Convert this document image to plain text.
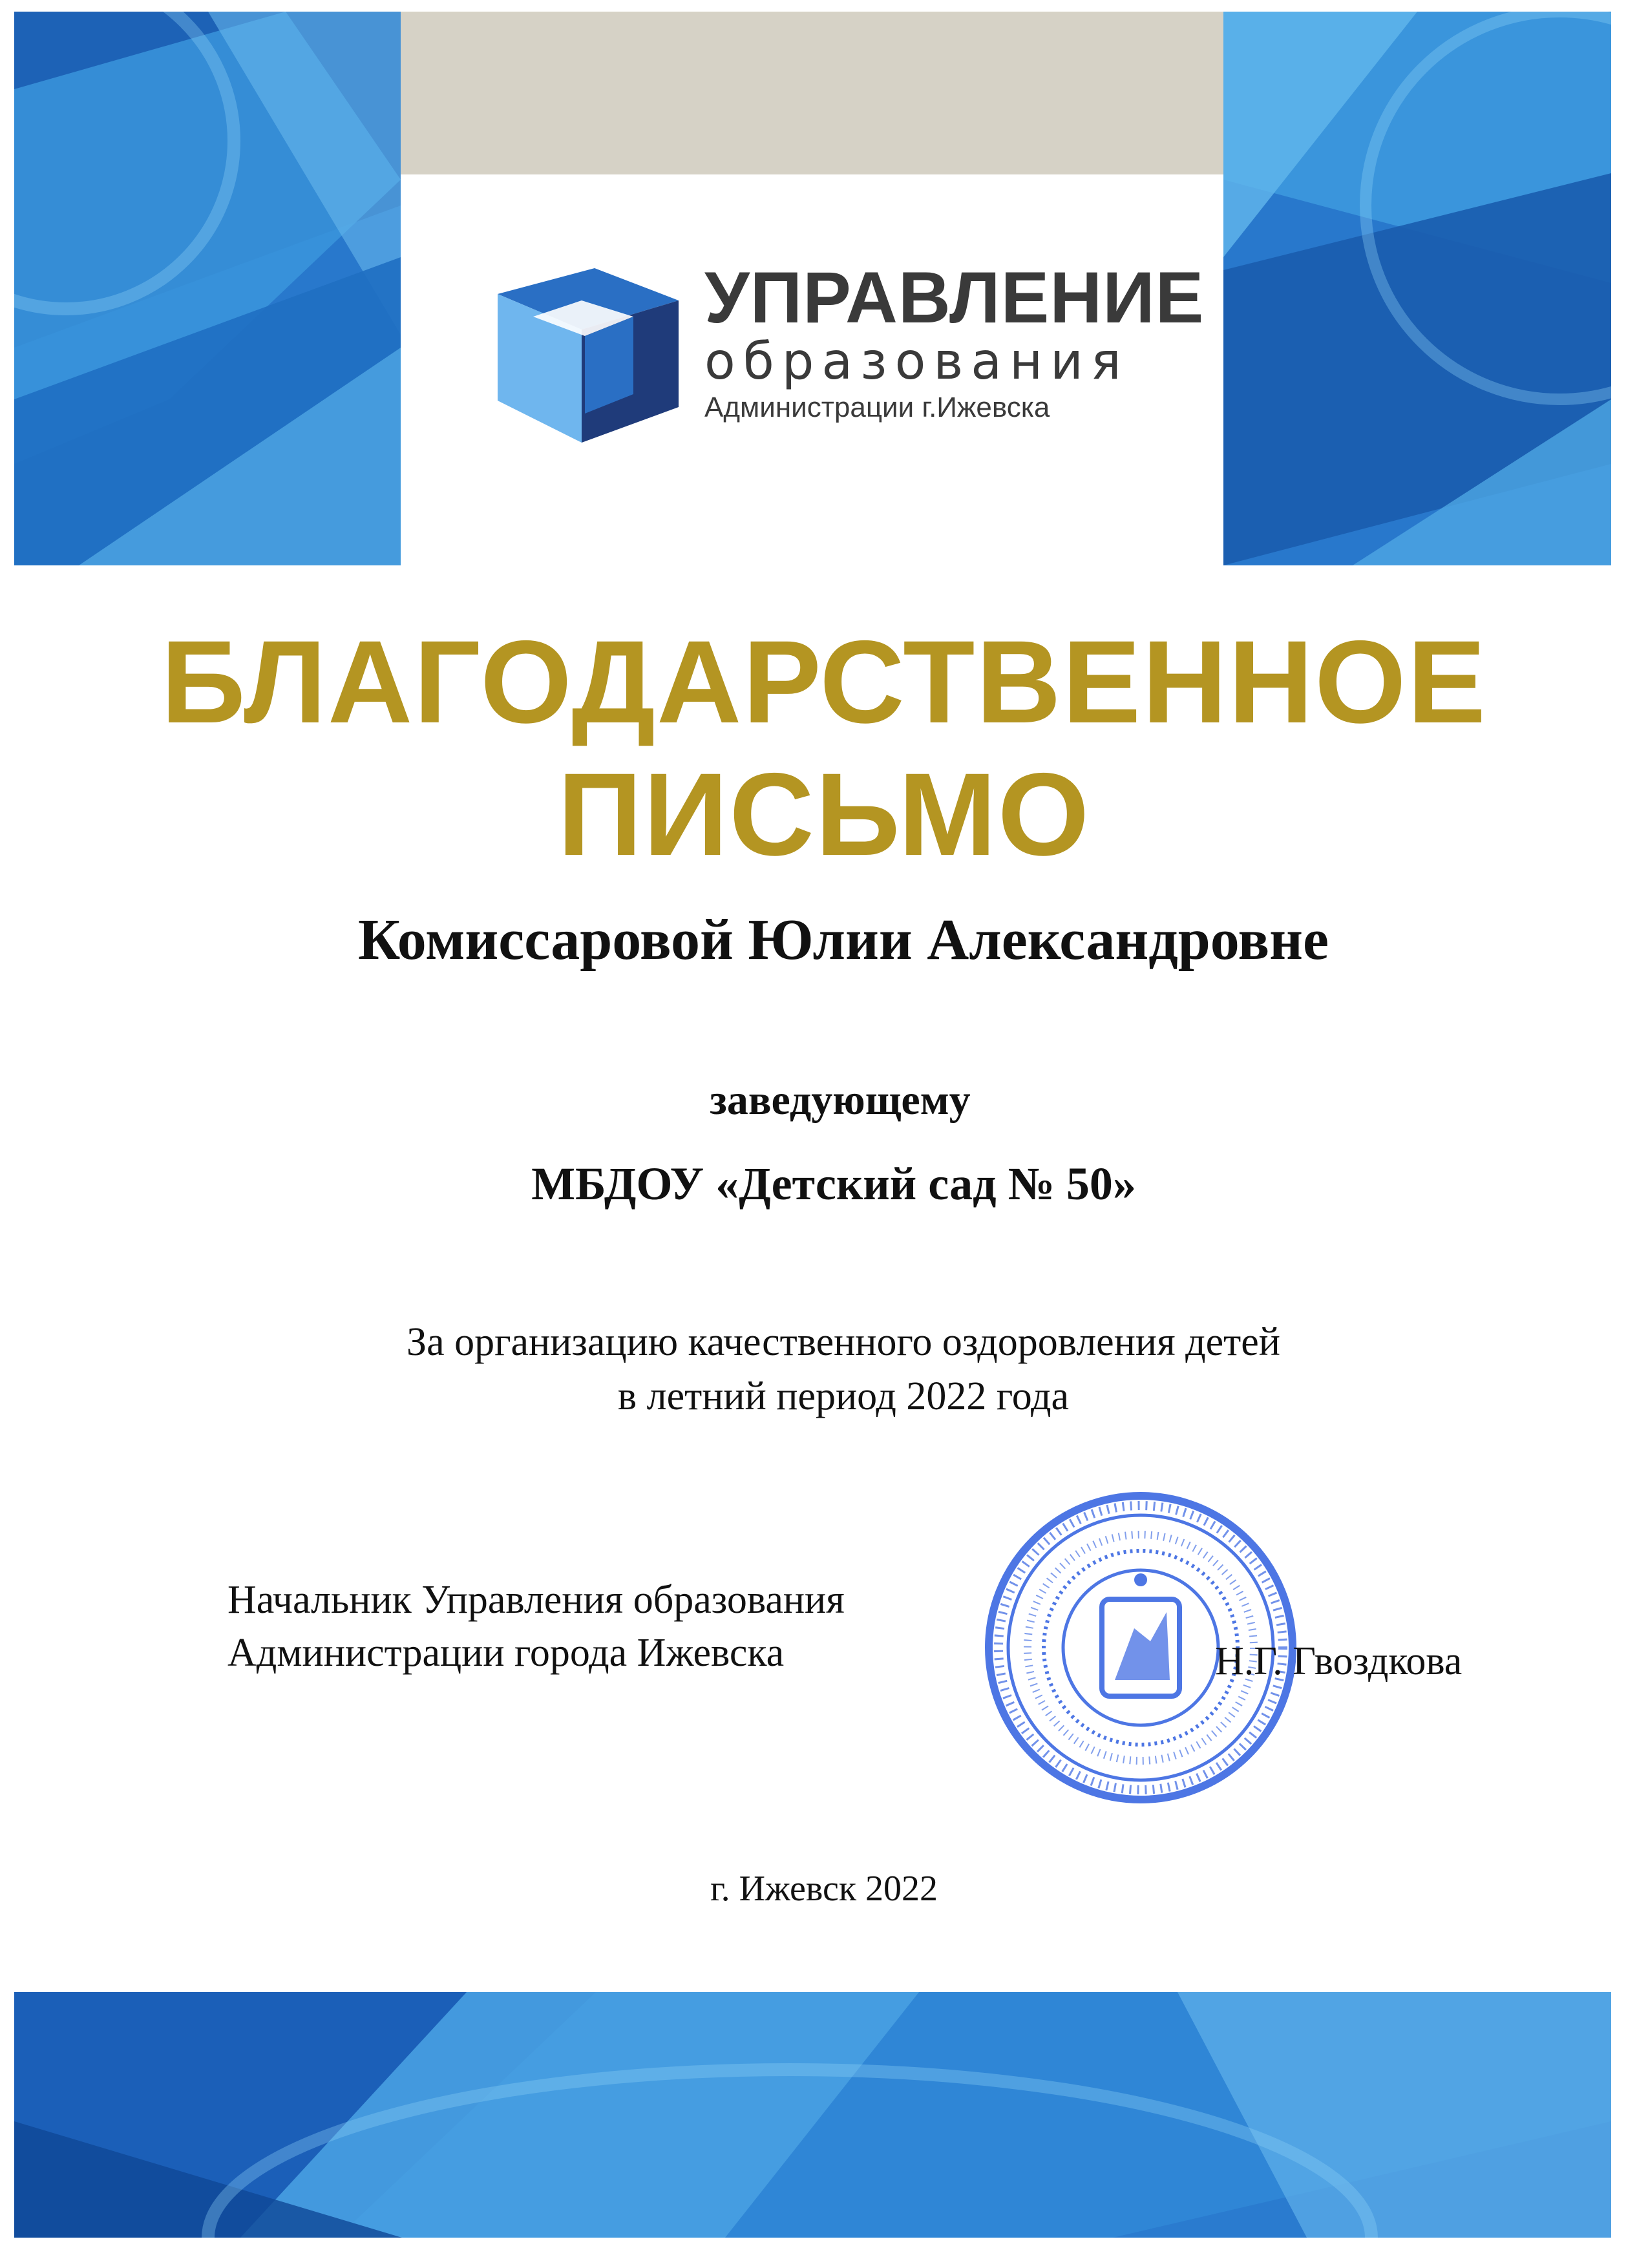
УПРАВЛЕНИЕ
образования
Администрации г.Ижевска
БЛАГОДАРСТВЕННОЕ
ПИСЬМО
Комиссаровой Юлии Александровне
заведующему
МБДОУ «Детский сад № 50»
За организацию качественного оздоровления детей
в летний период 2022 года
Начальник Управления образования
Администрации города Ижевска	Н.Г. Гвоздкова
г. Ижевск 2022
